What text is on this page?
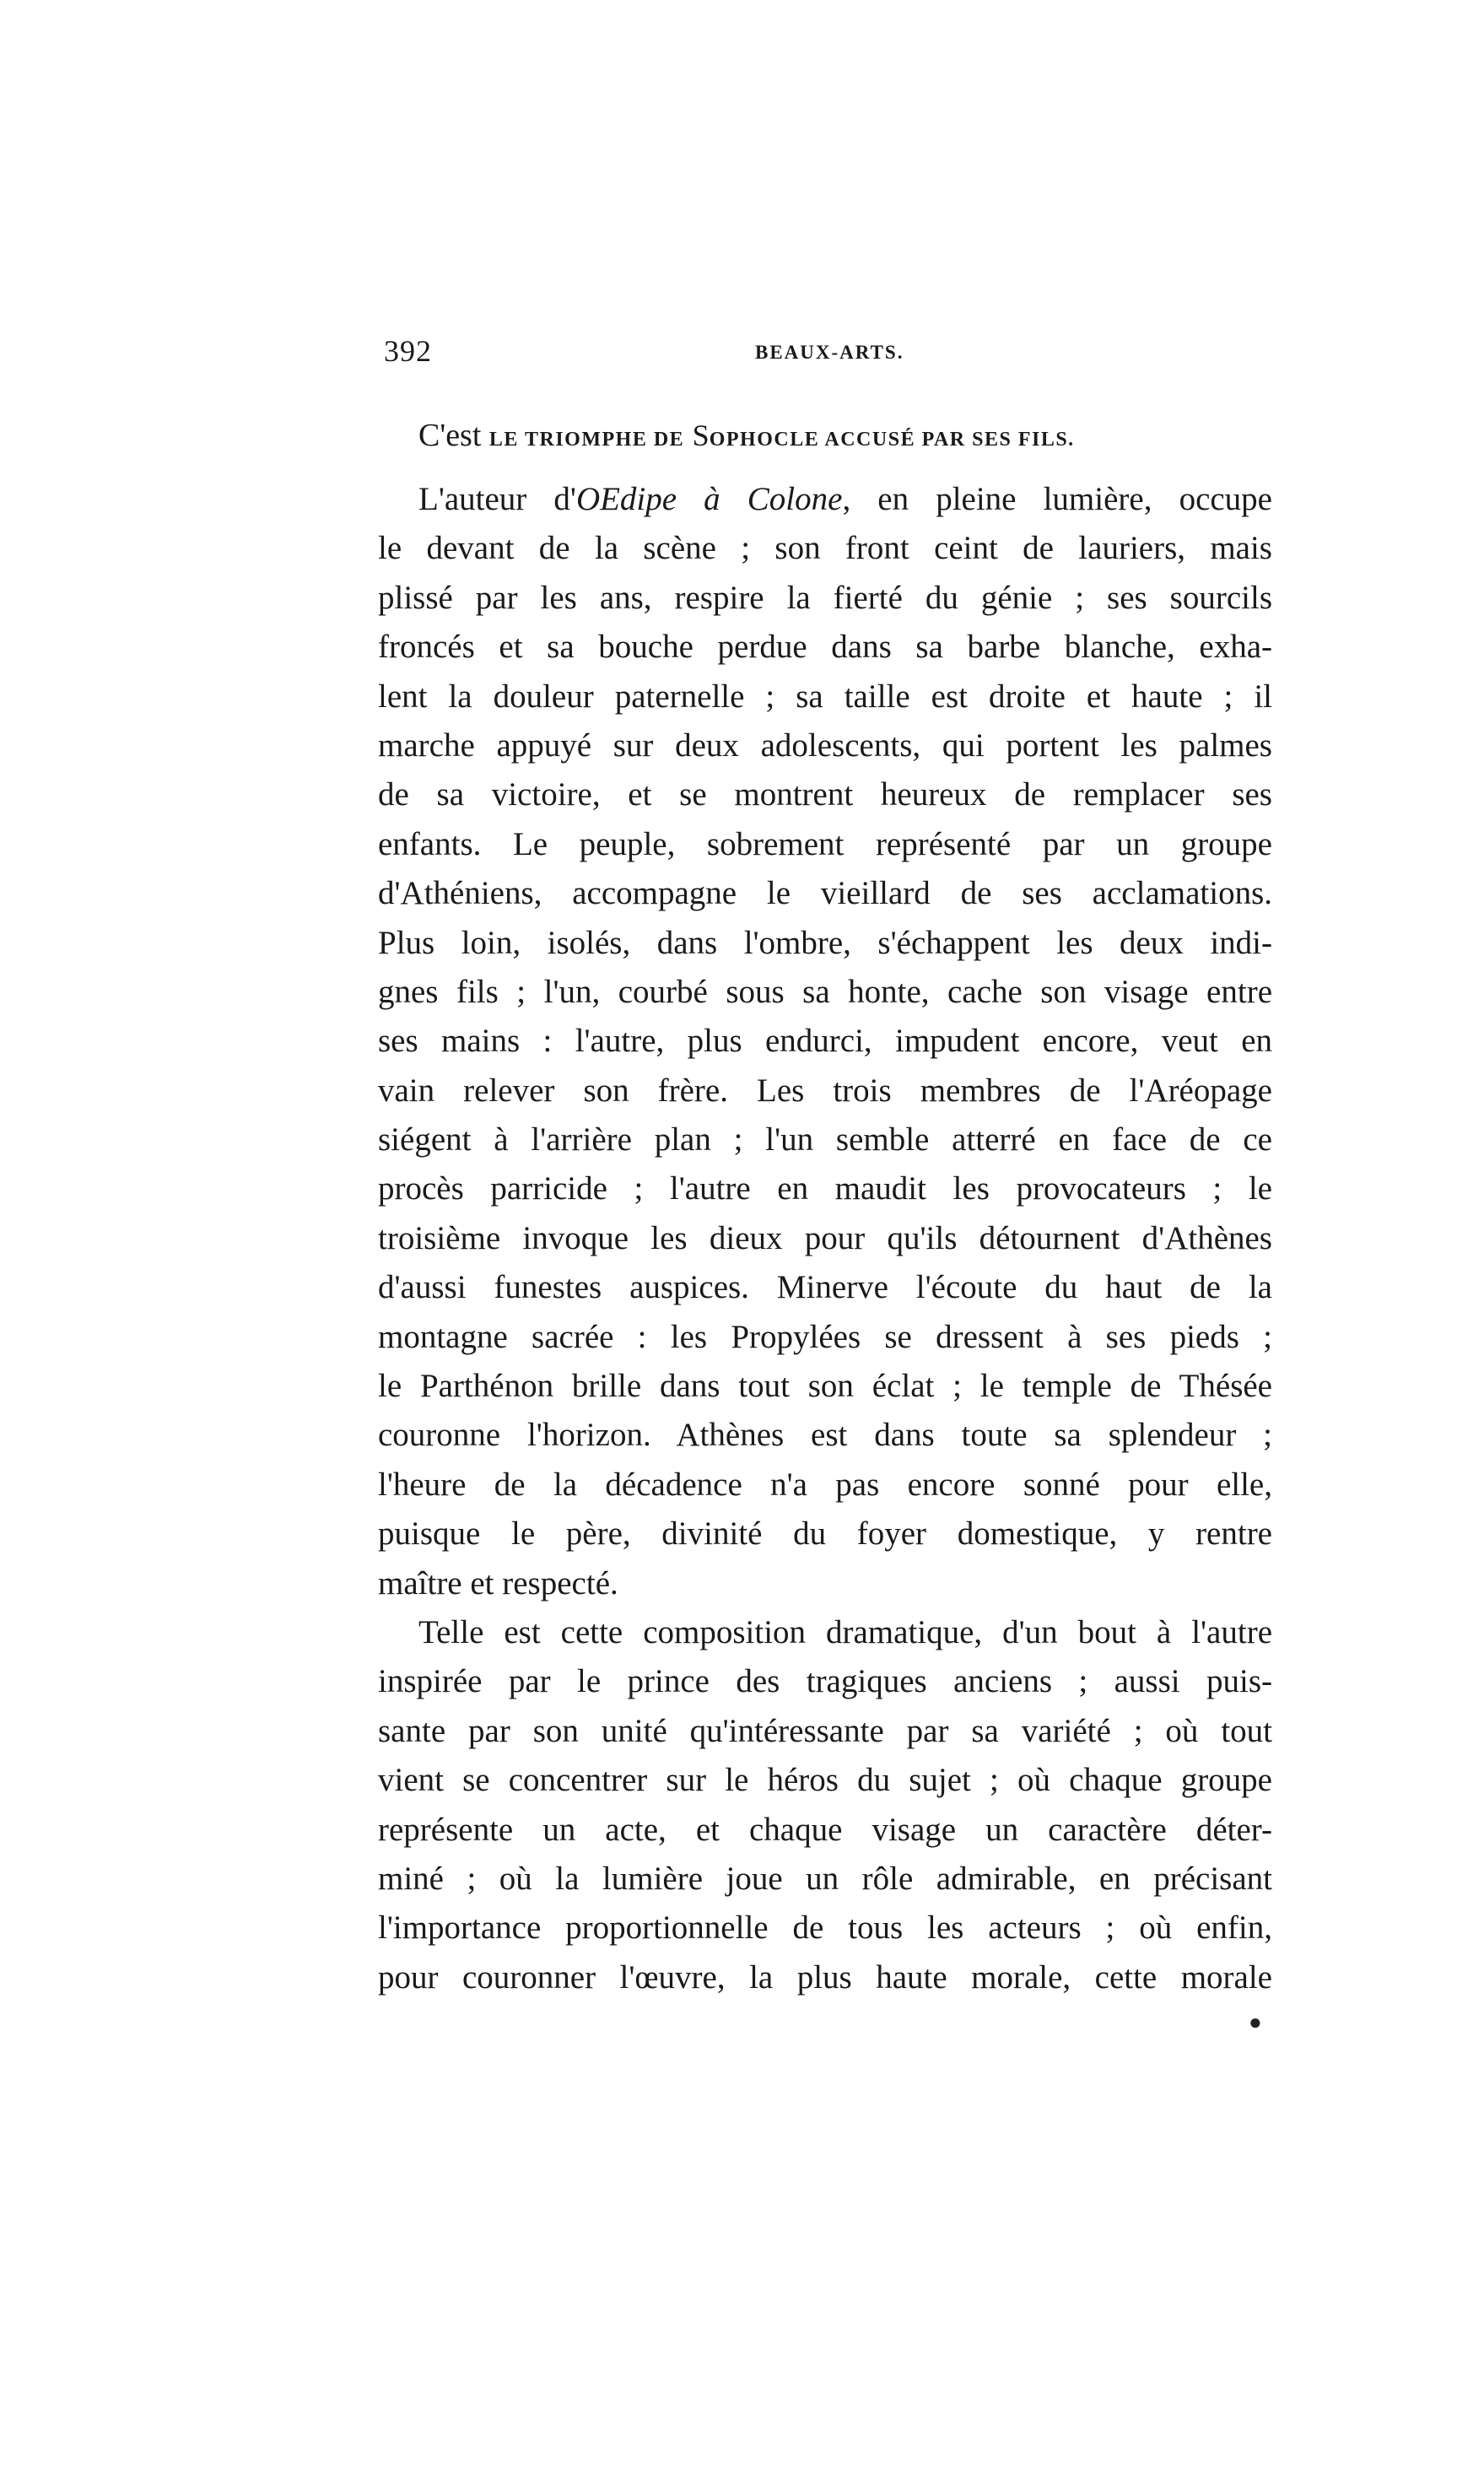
392	BEAUX-ARTS.
C'est LE TRIOMPHE DE SOPHOCLE ACCUSÉ PAR SES FILS.
L'auteur d'OEdipe à Colone, en pleine lumière, occupe
le devant de la scène ; son front ceint de lauriers, mais
plissé par les ans, respire la fierté du génie ; ses sourcils
froncés et sa bouche perdue dans sa barbe blanche, exha-
lent la douleur paternelle ; sa taille est droite et haute ; il
marche appuyé sur deux adolescents, qui portent les palmes
de sa victoire, et se montrent heureux de remplacer ses
enfants. Le peuple, sobrement représenté par un groupe
d'Athéniens, accompagne le vieillard de ses acclamations.
Plus loin, isolés, dans l'ombre, s'échappent les deux indi-
gnes fils ; l'un, courbé sous sa honte, cache son visage entre
ses mains : l'autre, plus endurci, impudent encore, veut en
vain relever son frère. Les trois membres de l'Aréopage
siégent à l'arrière plan ; l'un semble atterré en face de ce
procès parricide ; l'autre en maudit les provocateurs ; le
troisième invoque les dieux pour qu'ils détournent d'Athènes
d'aussi funestes auspices. Minerve l'écoute du haut de la
montagne sacrée : les Propylées se dressent à ses pieds ;
le Parthénon brille dans tout son éclat ; le temple de Thésée
couronne l'horizon. Athènes est dans toute sa splendeur ;
l'heure de la décadence n'a pas encore sonné pour elle,
puisque le père, divinité du foyer domestique, y rentre
maître et respecté.
Telle est cette composition dramatique, d'un bout à l'autre
inspirée par le prince des tragiques anciens ; aussi puis-
sante par son unité qu'intéressante par sa variété ; où tout
vient se concentrer sur le héros du sujet ; où chaque groupe
représente un acte, et chaque visage un caractère déter-
miné ; où la lumière joue un rôle admirable, en précisant
l'importance proportionnelle de tous les acteurs ; où enfin,
pour couronner l'œuvre, la plus haute morale, cette morale
●
